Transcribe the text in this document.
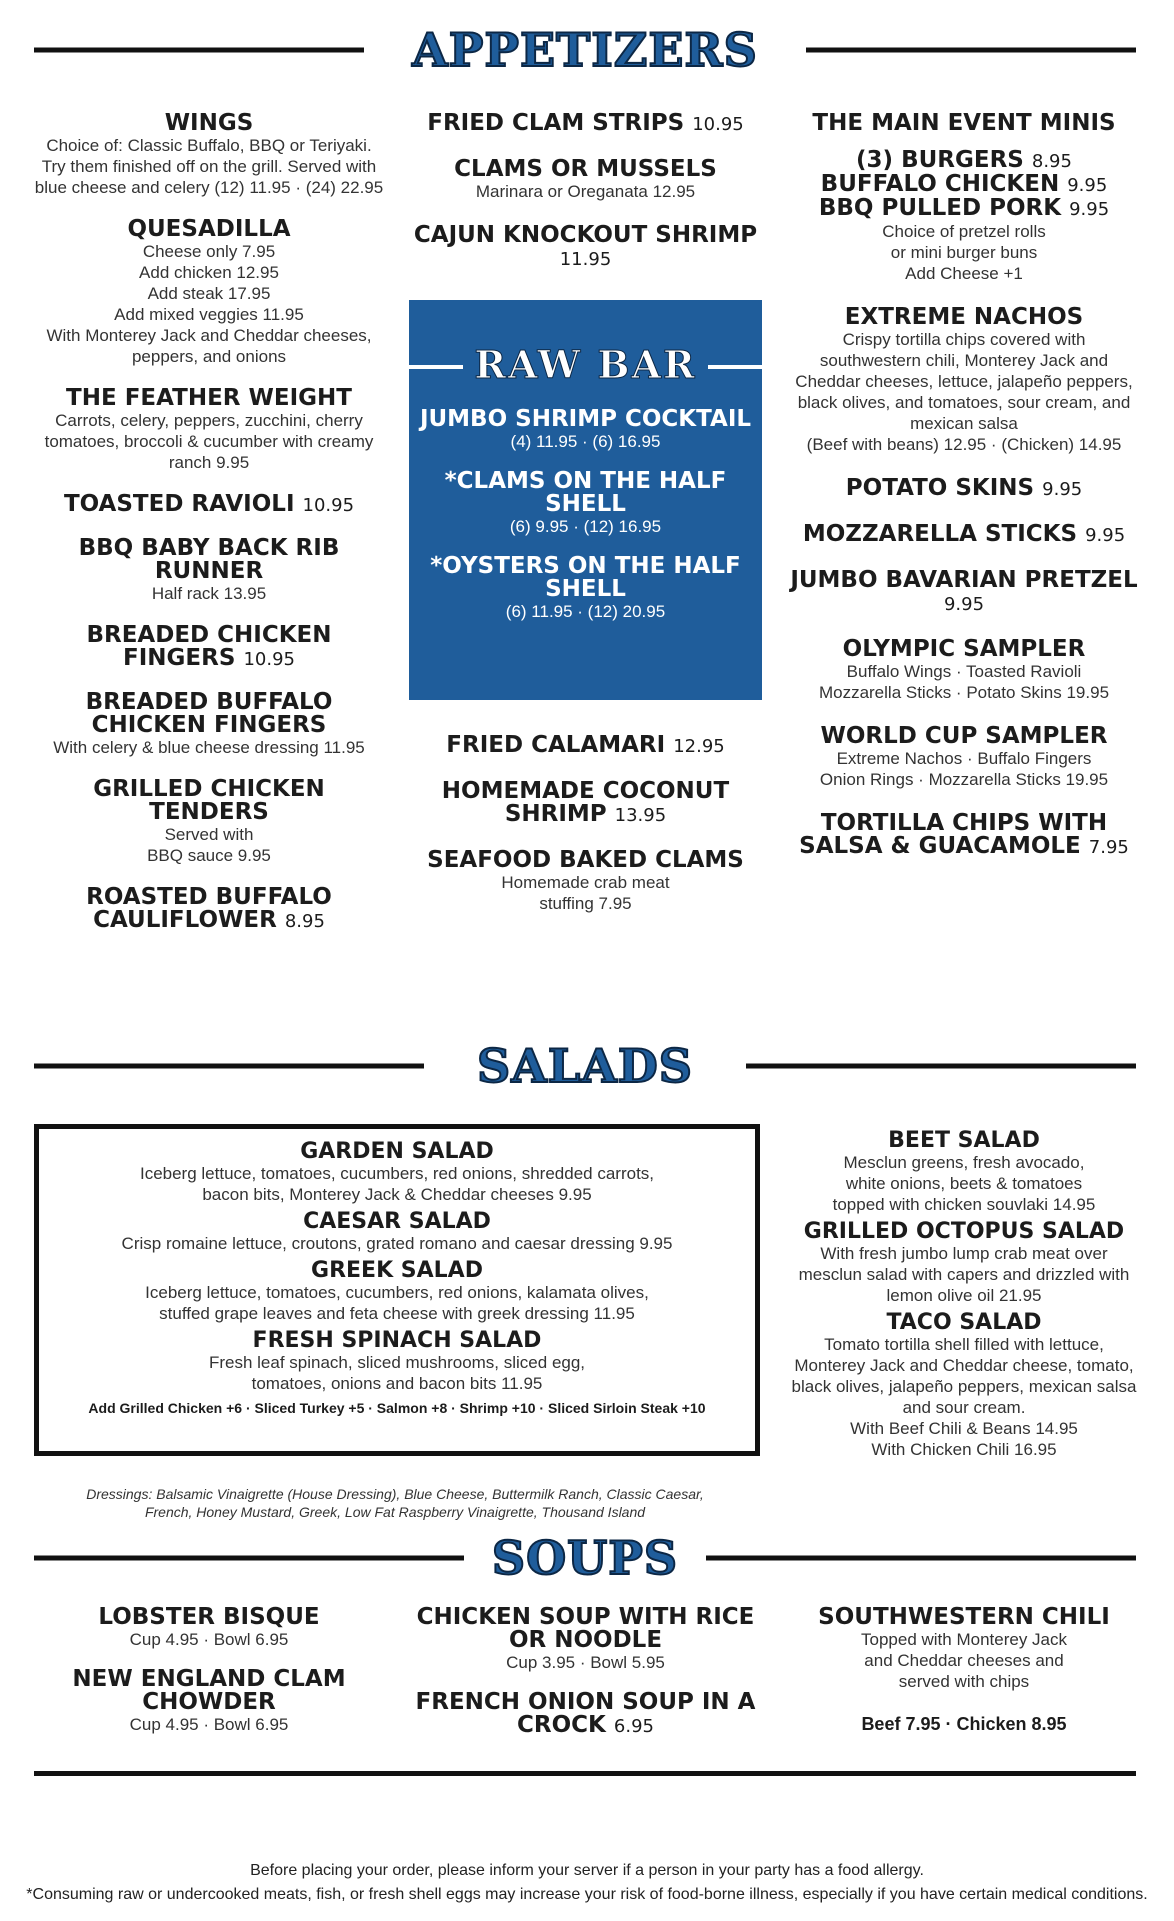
APPETIZERS
SALADS
SOUPS
WINGS
Choice of: Classic Buffalo, BBQ or Teriyaki. Try them finished off on the grill. Served with blue cheese and celery (12) 11.95 · (24) 22.95
QUESADILLA
Cheese only 7.95
Add chicken 12.95
Add steak 17.95
Add mixed veggies 11.95
With Monterey Jack and Cheddar cheeses, peppers, and onions
THE FEATHER WEIGHT
Carrots, celery, peppers, zucchini, cherry tomatoes, broccoli & cucumber with creamy ranch 9.95
TOASTED RAVIOLI 10.95
BBQ BABY BACK RIB RUNNER
Half rack 13.95
BREADED CHICKEN FINGERS 10.95
BREADED BUFFALO CHICKEN FINGERS
With celery & blue cheese dressing 11.95
GRILLED CHICKEN TENDERS
Served with
BBQ sauce 9.95
ROASTED BUFFALO CAULIFLOWER 8.95
FRIED CLAM STRIPS 10.95
CLAMS OR MUSSELS
Marinara or Oreganata 12.95
CAJUN KNOCKOUT SHRIMP 11.95
RAW BAR
JUMBO SHRIMP COCKTAIL
(4) 11.95 · (6) 16.95
*CLAMS ON THE HALF SHELL
(6) 9.95 · (12) 16.95
*OYSTERS ON THE HALF SHELL
(6) 11.95 · (12) 20.95
FRIED CALAMARI 12.95
HOMEMADE COCONUT SHRIMP 13.95
SEAFOOD BAKED CLAMS
Homemade crab meat
stuffing 7.95
THE MAIN EVENT MINIS
(3) BURGERS 8.95
BUFFALO CHICKEN 9.95
BBQ PULLED PORK 9.95
Choice of pretzel rolls
or mini burger buns
Add Cheese +1
EXTREME NACHOS
Crispy tortilla chips covered with southwestern chili, Monterey Jack and Cheddar cheeses, lettuce, jalapeño peppers, black olives, and tomatoes, sour cream, and mexican salsa
(Beef with beans) 12.95 · (Chicken) 14.95
POTATO SKINS 9.95
MOZZARELLA STICKS 9.95
JUMBO BAVARIAN PRETZEL 9.95
OLYMPIC SAMPLER
Buffalo Wings · Toasted Ravioli
Mozzarella Sticks · Potato Skins 19.95
WORLD CUP SAMPLER
Extreme Nachos · Buffalo Fingers
Onion Rings · Mozzarella Sticks 19.95
TORTILLA CHIPS WITH SALSA & GUACAMOLE 7.95
GARDEN SALAD
Iceberg lettuce, tomatoes, cucumbers, red onions, shredded carrots,
bacon bits, Monterey Jack & Cheddar cheeses 9.95
CAESAR SALAD
Crisp romaine lettuce, croutons, grated romano and caesar dressing 9.95
GREEK SALAD
Iceberg lettuce, tomatoes, cucumbers, red onions, kalamata olives,
stuffed grape leaves and feta cheese with greek dressing 11.95
FRESH SPINACH SALAD
Fresh leaf spinach, sliced mushrooms, sliced egg,
tomatoes, onions and bacon bits 11.95
Add Grilled Chicken +6 · Sliced Turkey +5 · Salmon +8 · Shrimp +10 · Sliced Sirloin Steak +10
Dressings: Balsamic Vinaigrette (House Dressing), Blue Cheese, Buttermilk Ranch, Classic Caesar,
French, Honey Mustard, Greek, Low Fat Raspberry Vinaigrette, Thousand Island
BEET SALAD
Mesclun greens, fresh avocado,
white onions, beets & tomatoes
topped with chicken souvlaki 14.95
GRILLED OCTOPUS SALAD
With fresh jumbo lump crab meat over mesclun salad with capers and drizzled with lemon olive oil 21.95
TACO SALAD
Tomato tortilla shell filled with lettuce, Monterey Jack and Cheddar cheese, tomato, black olives, jalapeño peppers, mexican salsa and sour cream.
With Beef Chili & Beans 14.95
With Chicken Chili 16.95
LOBSTER BISQUE
Cup 4.95 · Bowl 6.95
NEW ENGLAND CLAM CHOWDER
Cup 4.95 · Bowl 6.95
CHICKEN SOUP WITH RICE OR NOODLE
Cup 3.95 · Bowl 5.95
FRENCH ONION SOUP IN A CROCK 6.95
SOUTHWESTERN CHILI
Topped with Monterey Jack
and Cheddar cheeses and
served with chips
Beef 7.95 · Chicken 8.95
Before placing your order, please inform your server if a person in your party has a food allergy.
*Consuming raw or undercooked meats, fish, or fresh shell eggs may increase your risk of food-borne illness, especially if you have certain medical conditions.
